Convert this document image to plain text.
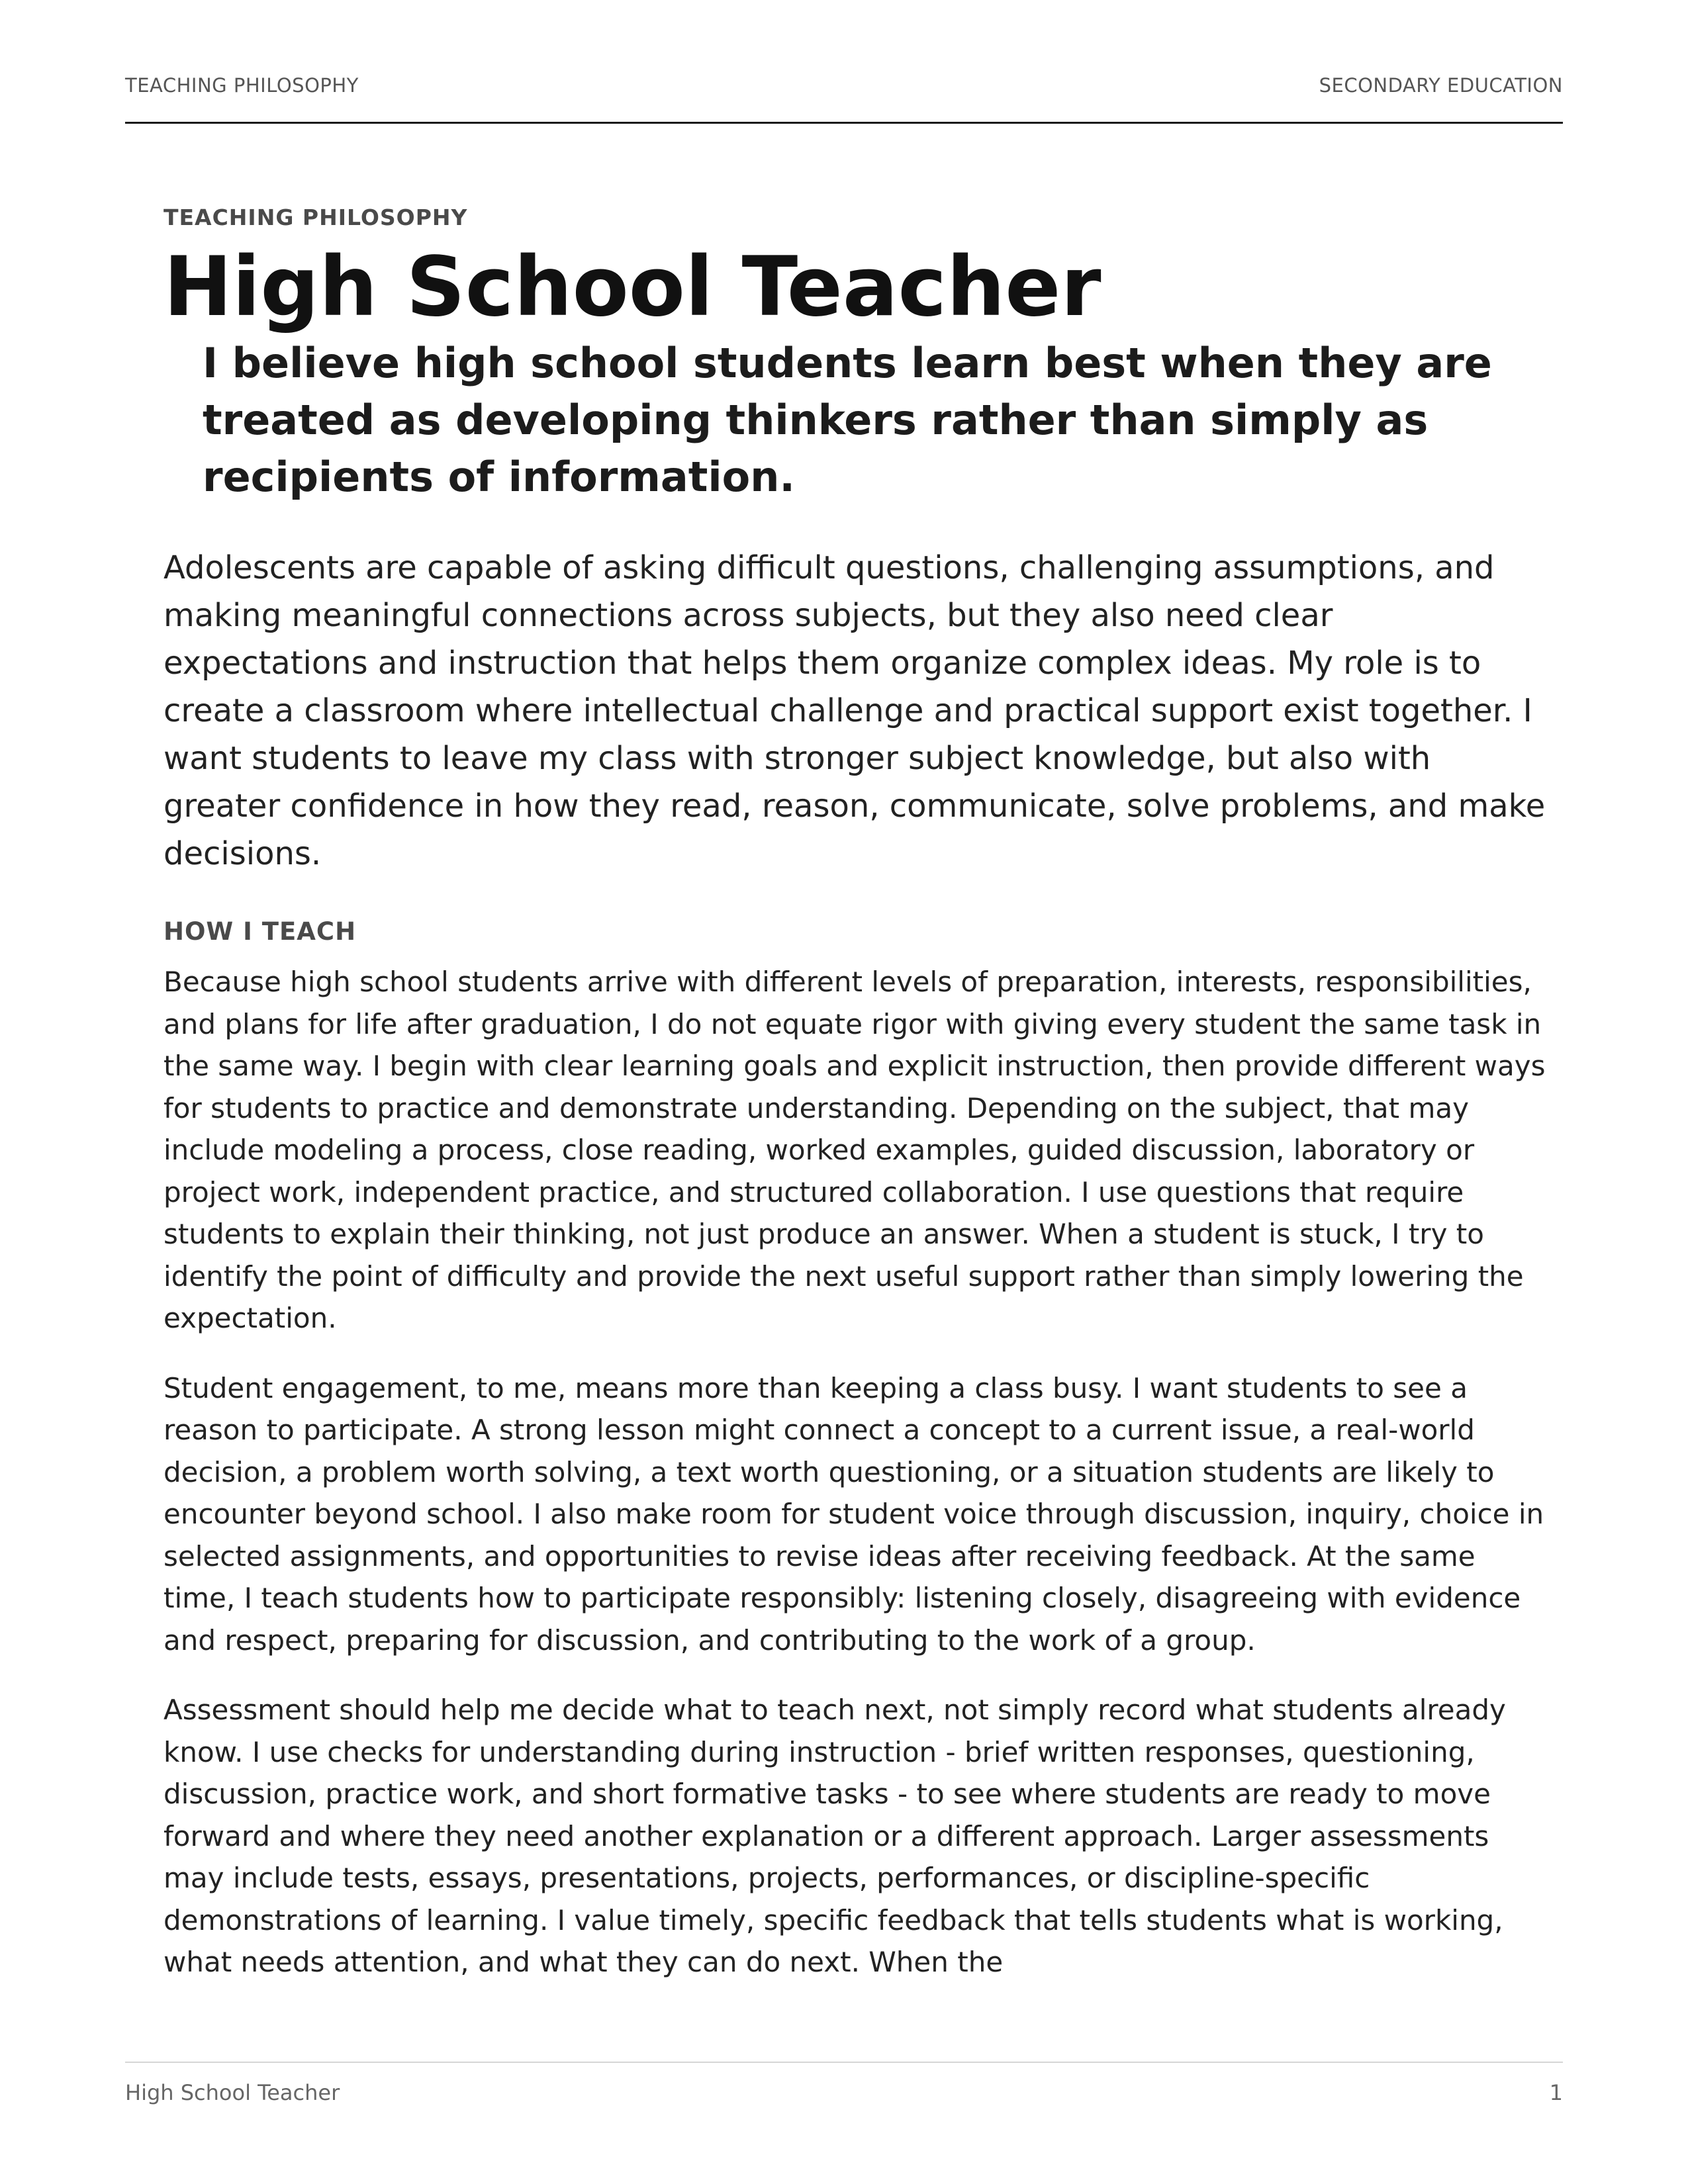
TEACHING PHILOSOPHY	SECONDARY EDUCATION

TEACHING PHILOSOPHY

High School Teacher

I believe high school students learn best when they are treated as developing thinkers rather than simply as recipients of information.

Adolescents are capable of asking difficult questions, challenging assumptions, and making meaningful connections across subjects, but they also need clear expectations and instruction that helps them organize complex ideas. My role is to create a classroom where intellectual challenge and practical support exist together. I want students to leave my class with stronger subject knowledge, but also with greater confidence in how they read, reason, communicate, solve problems, and make decisions.

HOW I TEACH

Because high school students arrive with different levels of preparation, interests, responsibilities, and plans for life after graduation, I do not equate rigor with giving every student the same task in the same way. I begin with clear learning goals and explicit instruction, then provide different ways for students to practice and demonstrate understanding. Depending on the subject, that may include modeling a process, close reading, worked examples, guided discussion, laboratory or project work, independent practice, and structured collaboration. I use questions that require students to explain their thinking, not just produce an answer. When a student is stuck, I try to identify the point of difficulty and provide the next useful support rather than simply lowering the expectation.

Student engagement, to me, means more than keeping a class busy. I want students to see a reason to participate. A strong lesson might connect a concept to a current issue, a real-world decision, a problem worth solving, a text worth questioning, or a situation students are likely to encounter beyond school. I also make room for student voice through discussion, inquiry, choice in selected assignments, and opportunities to revise ideas after receiving feedback. At the same time, I teach students how to participate responsibly: listening closely, disagreeing with evidence and respect, preparing for discussion, and contributing to the work of a group.

Assessment should help me decide what to teach next, not simply record what students already know. I use checks for understanding during instruction - brief written responses, questioning, discussion, practice work, and short formative tasks - to see where students are ready to move forward and where they need another explanation or a different approach. Larger assessments may include tests, essays, presentations, projects, performances, or discipline-specific demonstrations of learning. I value timely, specific feedback that tells students what is working, what needs attention, and what they can do next. When the

High School Teacher	1
